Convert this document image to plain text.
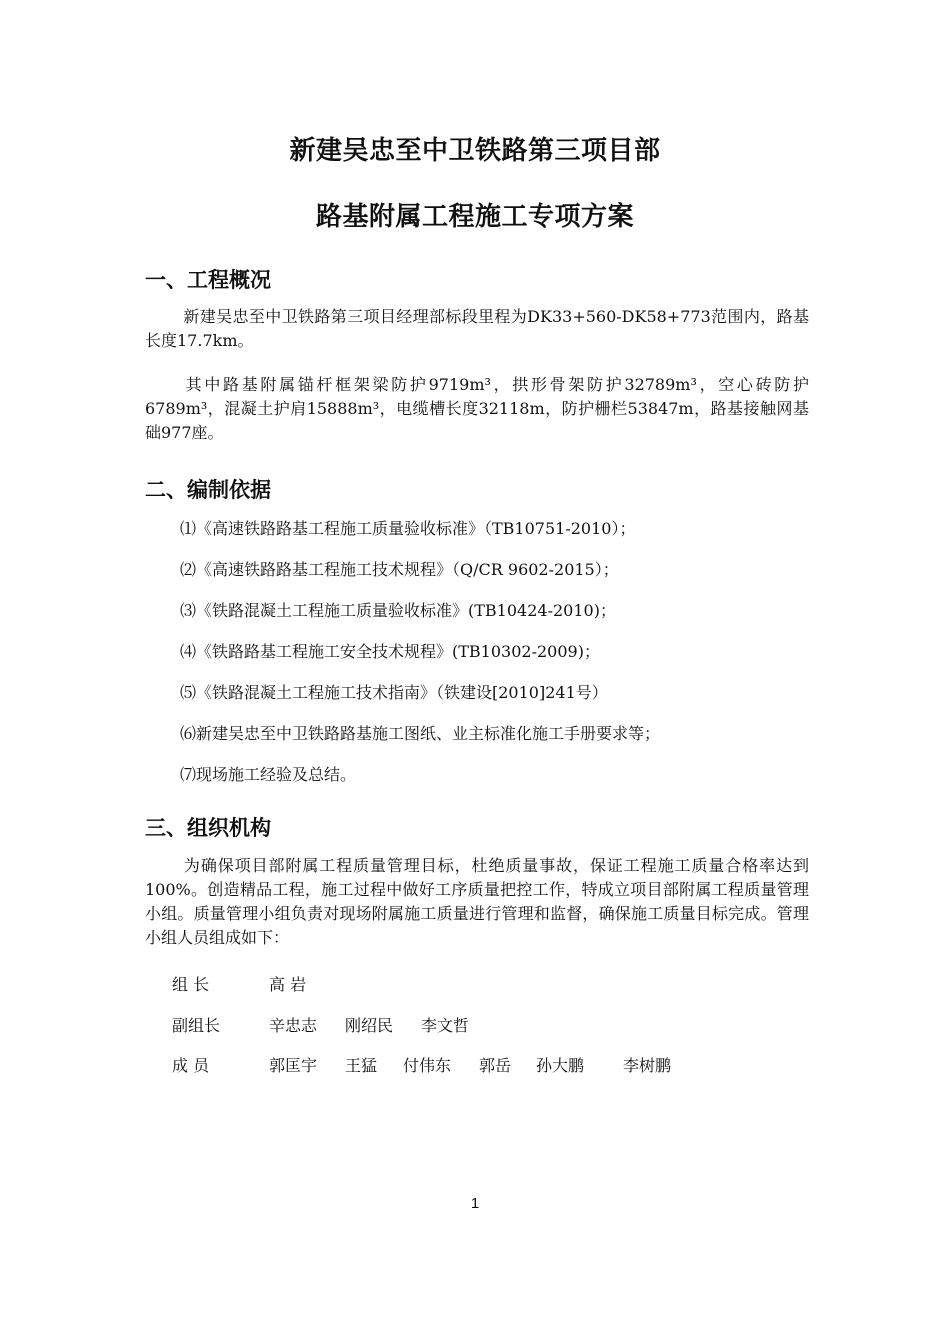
新建吴忠至中卫铁路第三项目部
路基附属工程施工专项方案
一、工程概况
新建吴忠至中卫铁路第三项目经理部标段里程为DK33+560-DK58+773范围内，路基长度17.7km。
其中路基附属锚杆框架梁防护9719m³，拱形骨架防护32789m³，空心砖防护6789m³，混凝土护肩15888m³，电缆槽长度32118m，防护栅栏53847m，路基接触网基础977座。
二、编制依据
⑴《高速铁路路基工程施工质量验收标准》（TB10751-2010）；
⑵《高速铁路路基工程施工技术规程》（Q/CR 9602-2015）；
⑶《铁路混凝土工程施工质量验收标准》(TB10424-2010)；
⑷《铁路路基工程施工安全技术规程》(TB10302-2009)；
⑸《铁路混凝土工程施工技术指南》（铁建设[2010]241号）
⑹新建吴忠至中卫铁路路基施工图纸、业主标准化施工手册要求等；
⑺现场施工经验及总结。
三、组织机构
为确保项目部附属工程质量管理目标，杜绝质量事故，保证工程施工质量合格率达到100%。创造精品工程，施工过程中做好工序质量把控工作，特成立项目部附属工程质量管理小组。质量管理小组负责对现场附属施工质量进行管理和监督，确保施工质量目标完成。管理小组人员组成如下：
组 长	高 岩
副组长	辛忠志 刚绍民 李文哲
成 员	郭匡宇 王猛 付伟东 郭岳 孙大鹏 李树鹏
1
